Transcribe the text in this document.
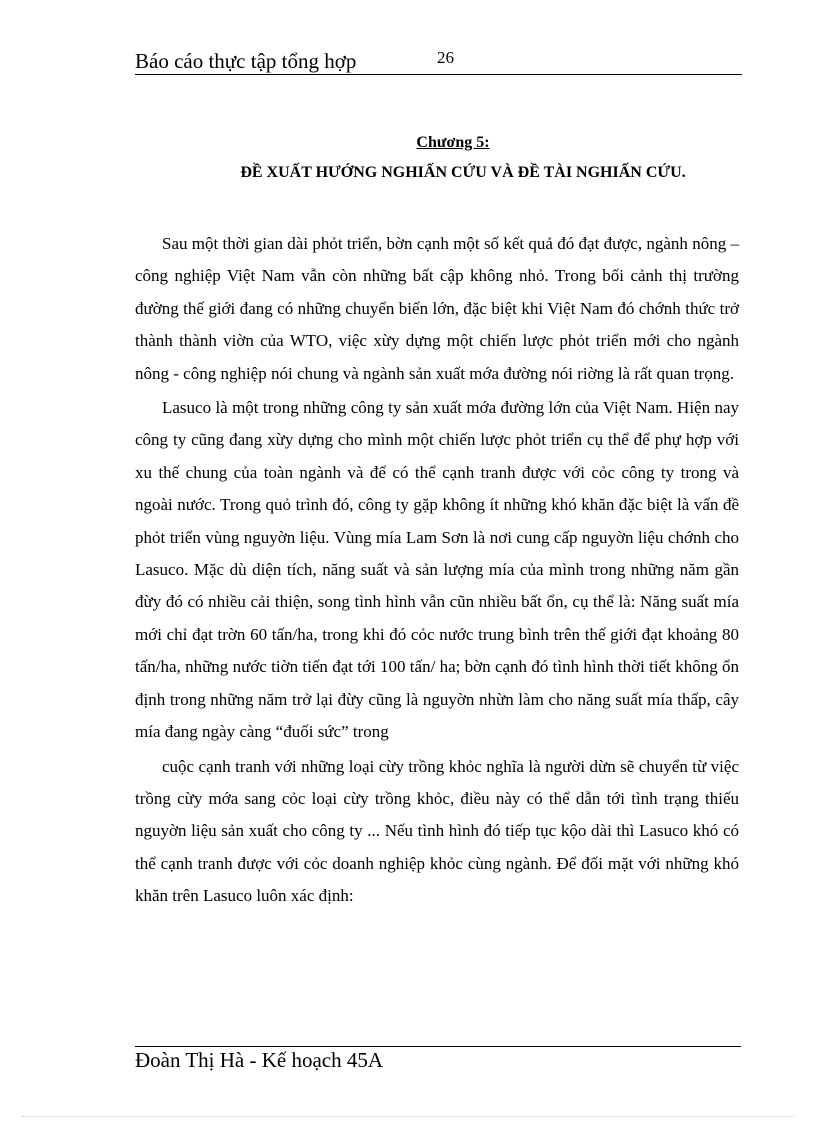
Báo cáo thực tập tổng hợp	26
Chương 5:
ĐỀ XUẤT HƯỚNG NGHIẤN CỨU VÀ ĐỀ TÀI NGHIẤN CỨU.

Sau một thời gian dài phỏt triển, bờn cạnh một số kết quả đó đạt được, ngành nông – công nghiệp Việt Nam vẫn còn những bất cập không nhỏ. Trong bối cảnh thị trường đường thế giới đang có những chuyển biến lớn, đặc biệt khi Việt Nam đó chớnh thức trở thành thành viờn của WTO, việc xừy dựng một chiến lược phỏt triển mới cho ngành nông - công nghiệp nói chung và ngành sản xuất mớa đường nói riờng là rất quan trọng.

Lasuco là một trong những công ty sản xuất mớa đường lớn của Việt Nam. Hiện nay công ty cũng đang xừy dựng cho mình một chiến lược phỏt triển cụ thể để phự hợp với xu thế chung của toàn ngành và để có thể cạnh tranh được với cỏc công ty trong và ngoài nước. Trong quỏ trình đó, công ty gặp không ít những khó khăn đặc biệt là vấn đề phỏt triển vùng nguyờn liệu. Vùng mía Lam Sơn là nơi cung cấp nguyờn liệu chớnh cho Lasuco. Mặc dù diện tích, năng suất và sản lượng mía của mình trong những năm gần đừy đó có nhiều cải thiện, song tình hình vẫn cũn nhiều bất ổn, cụ thể là: Năng suất mía mới chỉ đạt trờn 60 tấn/ha, trong khi đó cỏc nước trung bình trên thế giới đạt khoảng 80 tấn/ha, những nước tiờn tiến đạt tới 100 tấn/ ha; bờn cạnh đó tình hình thời tiết không ổn định trong những năm trở lại đừy cũng là nguyờn nhừn làm cho năng suất mía thấp, cây mía đang ngày càng “đuối sức” trong

cuộc cạnh tranh với những loại cừy trồng khỏc nghĩa là người dừn sẽ chuyển từ việc trồng cừy mớa sang cỏc loại cừy trồng khỏc, điều này có thể dẫn tới tình trạng thiếu nguyờn liệu sản xuất cho công ty ... Nếu tình hình đó tiếp tục kộo dài thì Lasuco khó có thể cạnh tranh được với cỏc doanh nghiệp khỏc cùng ngành. Để đối mặt với những khó khăn trên Lasuco luôn xác định:

Đoàn Thị Hà - Kế hoạch 45A
